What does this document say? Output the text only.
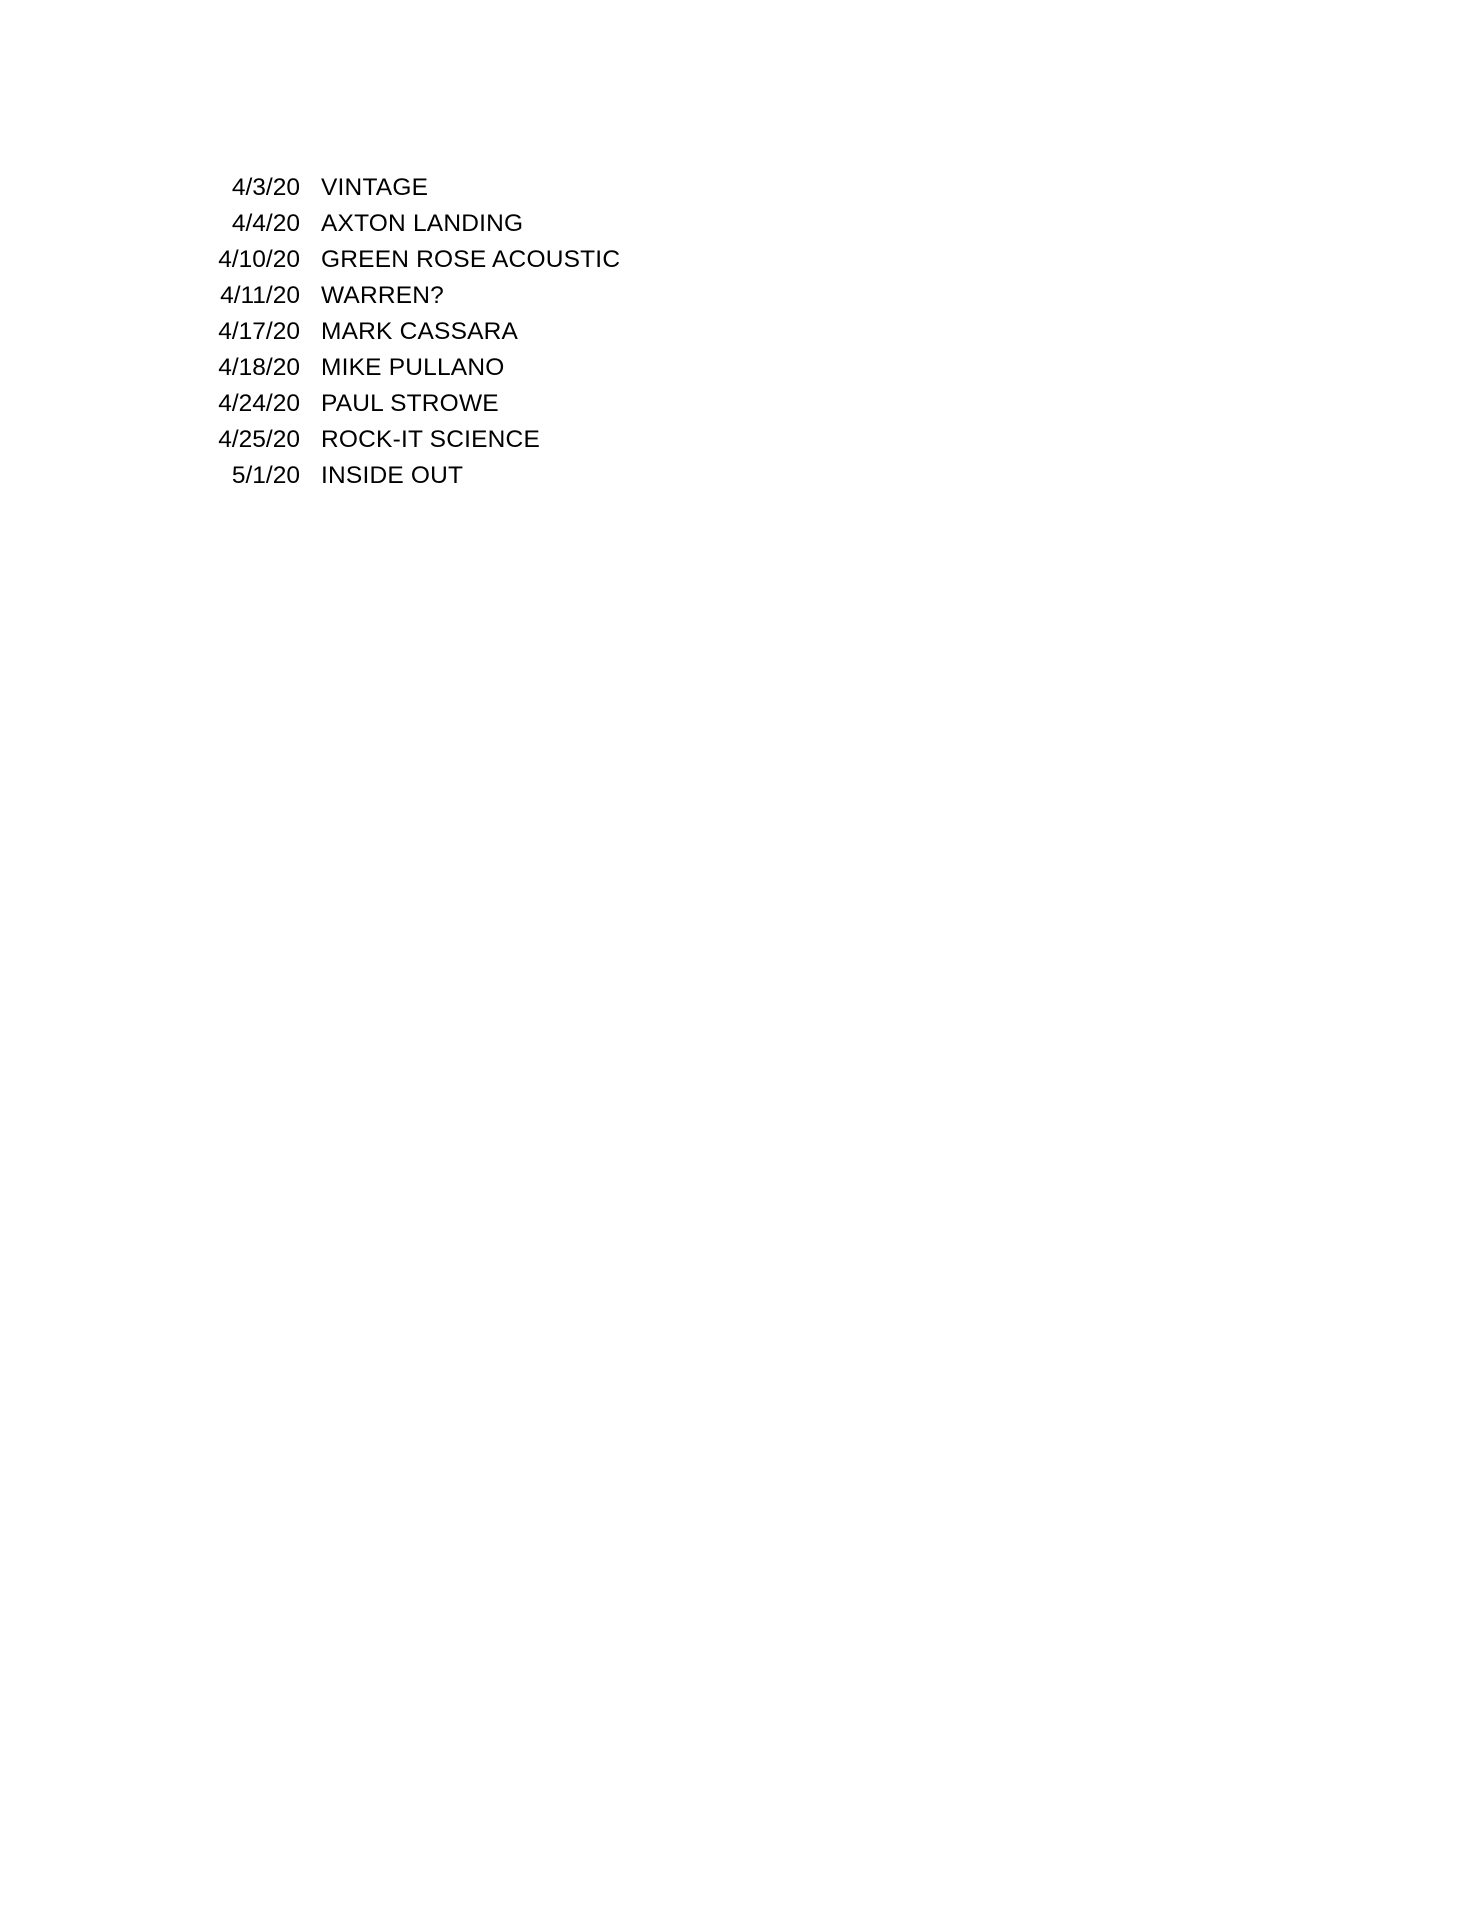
4/3/20 VINTAGE
4/4/20 AXTON LANDING
4/10/20 GREEN ROSE ACOUSTIC
4/11/20 WARREN?
4/17/20 MARK CASSARA
4/18/20 MIKE PULLANO
4/24/20 PAUL STROWE
4/25/20 ROCK-IT SCIENCE
5/1/20 INSIDE OUT
